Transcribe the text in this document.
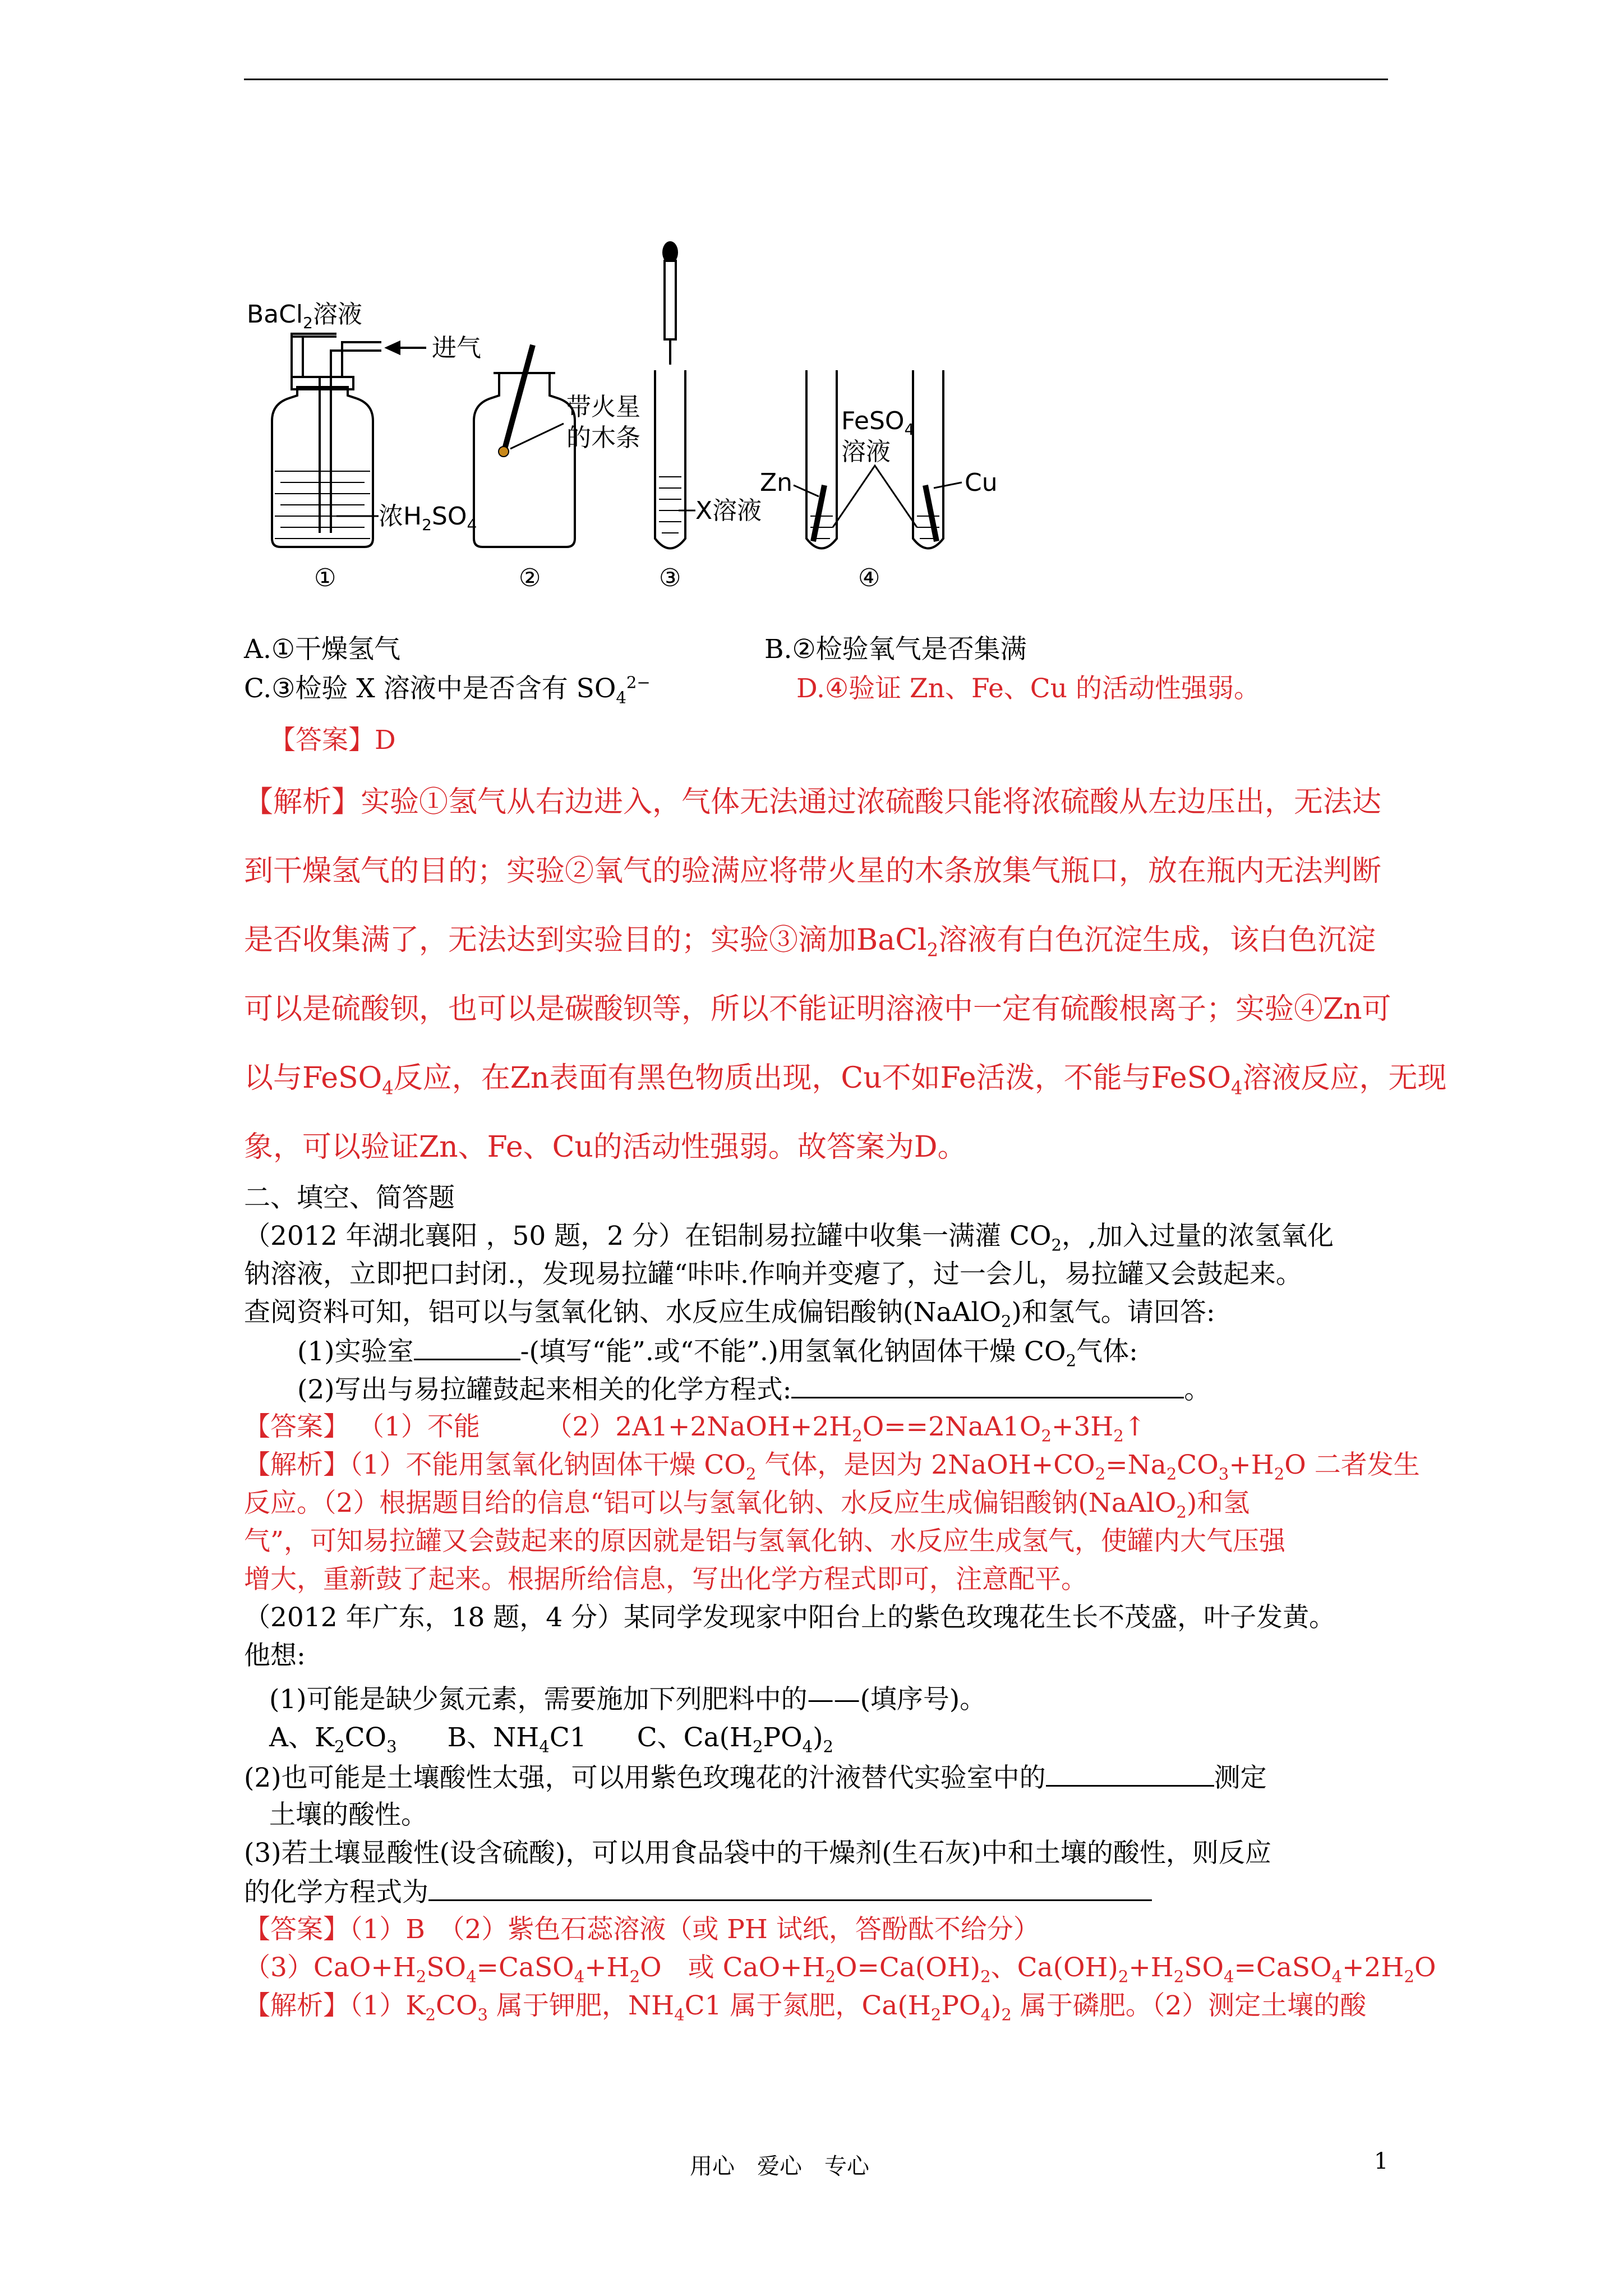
进气
浓$H_2SO_4$
①
带火星
的木条
②
BaCl$_2$溶液
X溶液
③
FeSO$_4$
溶液
Zn	Cu
④
A.①干燥氢气	B.②检验氧气是否集满
C.③检验 X 溶液中是否含有 $SO_4^{2-}$	D.④验证 Zn、Fe、Cu 的活动性强弱。
【答案】D
【解析】实验①氢气从右边进入，气体无法通过浓硫酸只能将浓硫酸从左边压出，无法达
到干燥氢气的目的；实验②氧气的验满应将带火星的木条放集气瓶口，放在瓶内无法判断
是否收集满了，无法达到实验目的；实验③滴加BaCl$_2$溶液有白色沉淀生成，该白色沉淀
可以是硫酸钡，也可以是碳酸钡等，所以不能证明溶液中一定有硫酸根离子；实验④Zn可
以与FeSO$_4$反应，在Zn表面有黑色物质出现，Cu不如Fe活泼，不能与FeSO$_4$溶液反应，无现
象，可以验证Zn、Fe、Cu的活动性强弱。故答案为D。
二、填空、简答题
（2012 年湖北襄阳 ，50 题，2 分）在铝制易拉罐中收集一满灌 $CO_2$，,加入过量的浓氢氧化
钠溶液，立即把口封闭.，发现易拉罐“咔咔.作响并变瘪了，过一会儿，易拉罐又会鼓起来。
查阅资料可知，铝可以与氢氧化钠、水反应生成偏铝酸钠(NaAlO$_2$)和氢气。请回答:
(1)实验室	-(填写“能”.或“不能”.)用氢氧化钠固体干燥 $CO_2$气体:
(2)写出与易拉罐鼓起来相关的化学方程式:	。
【答案】 （1）不能　　　$(2)2A1+2NaOH+2H_2O==2NaA1O_2+3H_2↑$
【解析】（1）不能用氢氧化钠固体干燥 $CO_2$ 气体，是因为 $2NaOH+CO_2=Na_2CO_3+H_2O$ 二者发生
反应。（2）根据题目给的信息“铝可以与氢氧化钠、水反应生成偏铝酸钠(NaAlO$_2$)和氢
气”，可知易拉罐又会鼓起来的原因就是铝与氢氧化钠、水反应生成氢气，使罐内大气压强
增大，重新鼓了起来。根据所给信息，写出化学方程式即可，注意配平。
（2012 年广东，18 题，4 分）某同学发现家中阳台上的紫色玫瑰花生长不茂盛，叶子发黄。
他想:
(1)可能是缺少氮元素，需要施加下列肥料中的——(填序号)。
A、$K_2CO_3$ B、$NH_4C1$ C、$Ca(H_2PO_4)_2$
(2)也可能是土壤酸性太强，可以用紫色玫瑰花的汁液替代实验室中的	测定
土壤的酸性。
(3)若土壤显酸性(设含硫酸)，可以用食品袋中的干燥剂(生石灰)中和土壤的酸性，则反应
的化学方程式为
【答案】（1）B　（2）紫色石蕊溶液（或 PH 试纸，答酚酞不给分）
$(3)CaO+H_2SO_4=CaSO_4+H_2O$　或 $CaO+H_2O=Ca(OH)_2$、$Ca(OH)_2+H_2SO_4=CaSO_4+2H_2O$
【解析】$(1)K_2CO_3$ 属于钾肥，$NH_4C1$ 属于氮肥，$Ca(H_2PO_4)_2$ 属于磷肥。（2）测定土壤的酸
用心　爱心　专心	1
